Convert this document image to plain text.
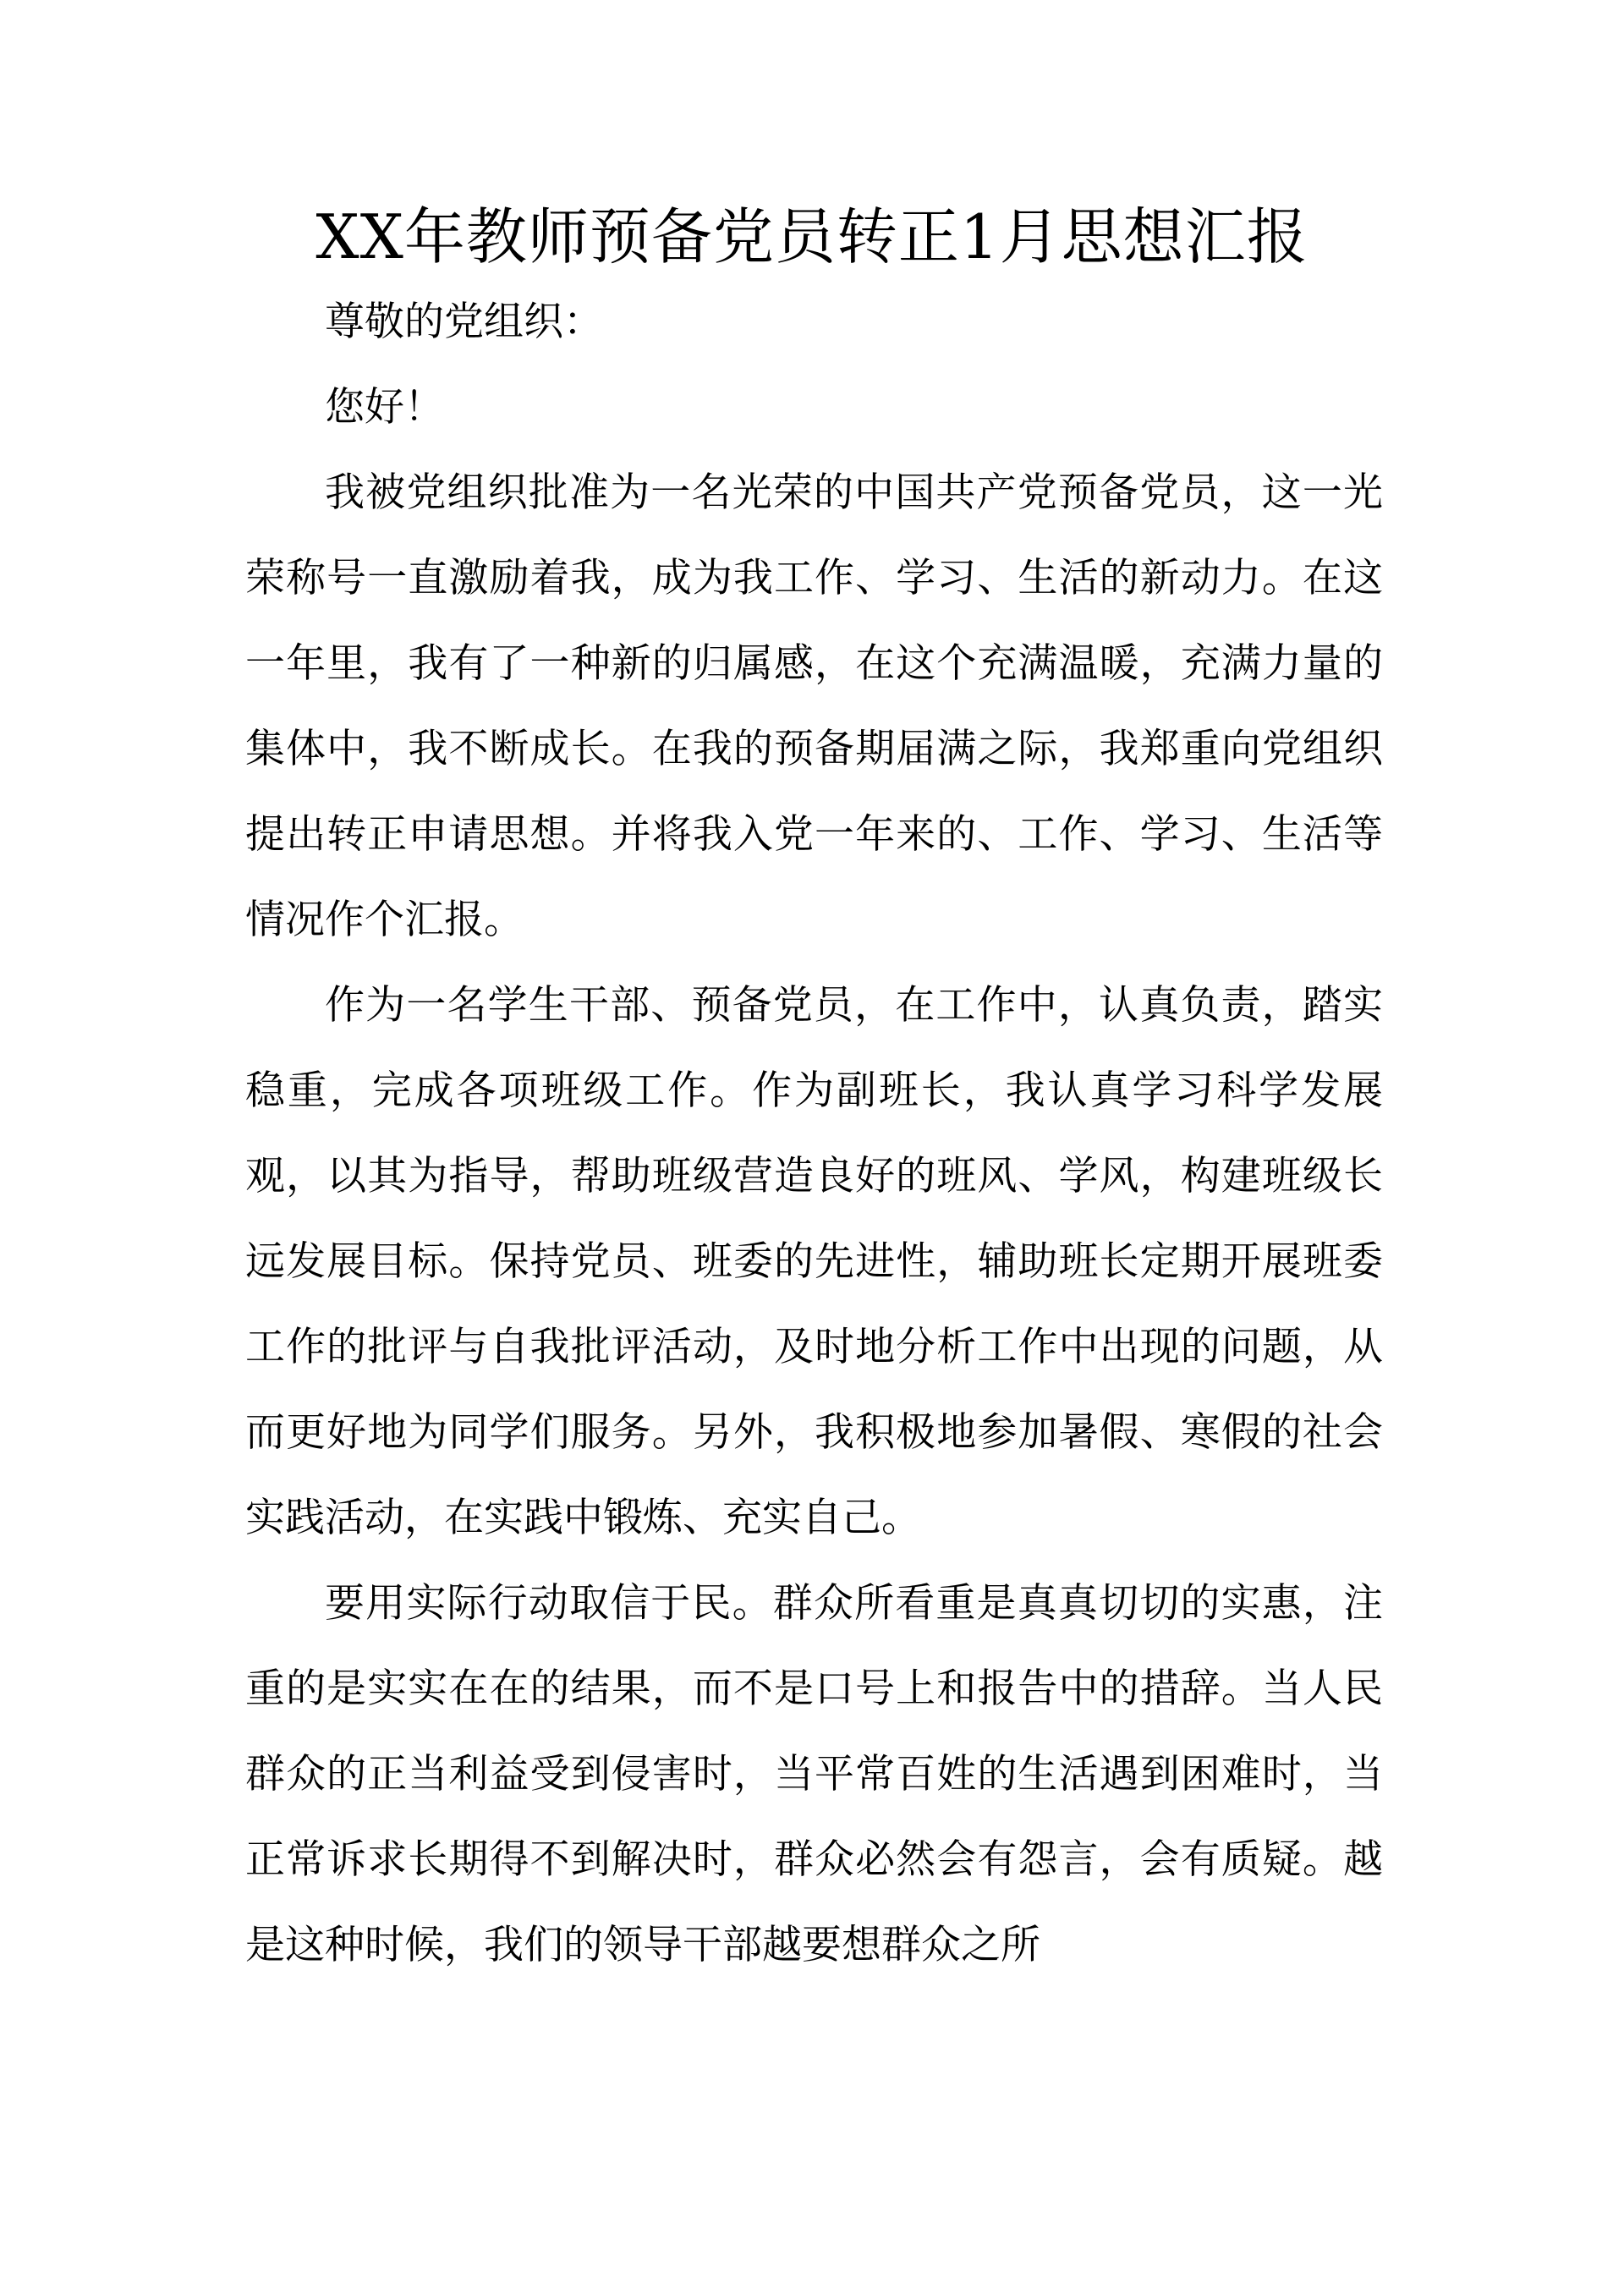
XX年教师预备党员转正1月思想汇报

尊敬的党组织：

您好！

我被党组织批准为一名光荣的中国共产党预备党员，这一光荣称号一直激励着我，成为我工作、学习、生活的新动力。在这一年里，我有了一种新的归属感，在这个充满温暖，充满力量的集体中，我不断成长。在我的预备期届满之际，我郑重向党组织提出转正申请思想。并将我入党一年来的、工作、学习、生活等情况作个汇报。

作为一名学生干部、预备党员，在工作中，认真负责，踏实稳重，完成各项班级工作。作为副班长，我认真学习科学发展观，以其为指导，帮助班级营造良好的班风、学风，构建班级长远发展目标。保持党员、班委的先进性，辅助班长定期开展班委工作的批评与自我批评活动，及时地分析工作中出现的问题，从而更好地为同学们服务。另外，我积极地参加暑假、寒假的社会实践活动，在实践中锻炼、充实自己。

要用实际行动取信于民。群众所看重是真真切切的实惠，注重的是实实在在的结果，而不是口号上和报告中的措辞。当人民群众的正当利益受到侵害时，当平常百姓的生活遇到困难时，当正常诉求长期得不到解决时，群众必然会有怨言，会有质疑。越是这种时候，我们的领导干部越要想群众之所
